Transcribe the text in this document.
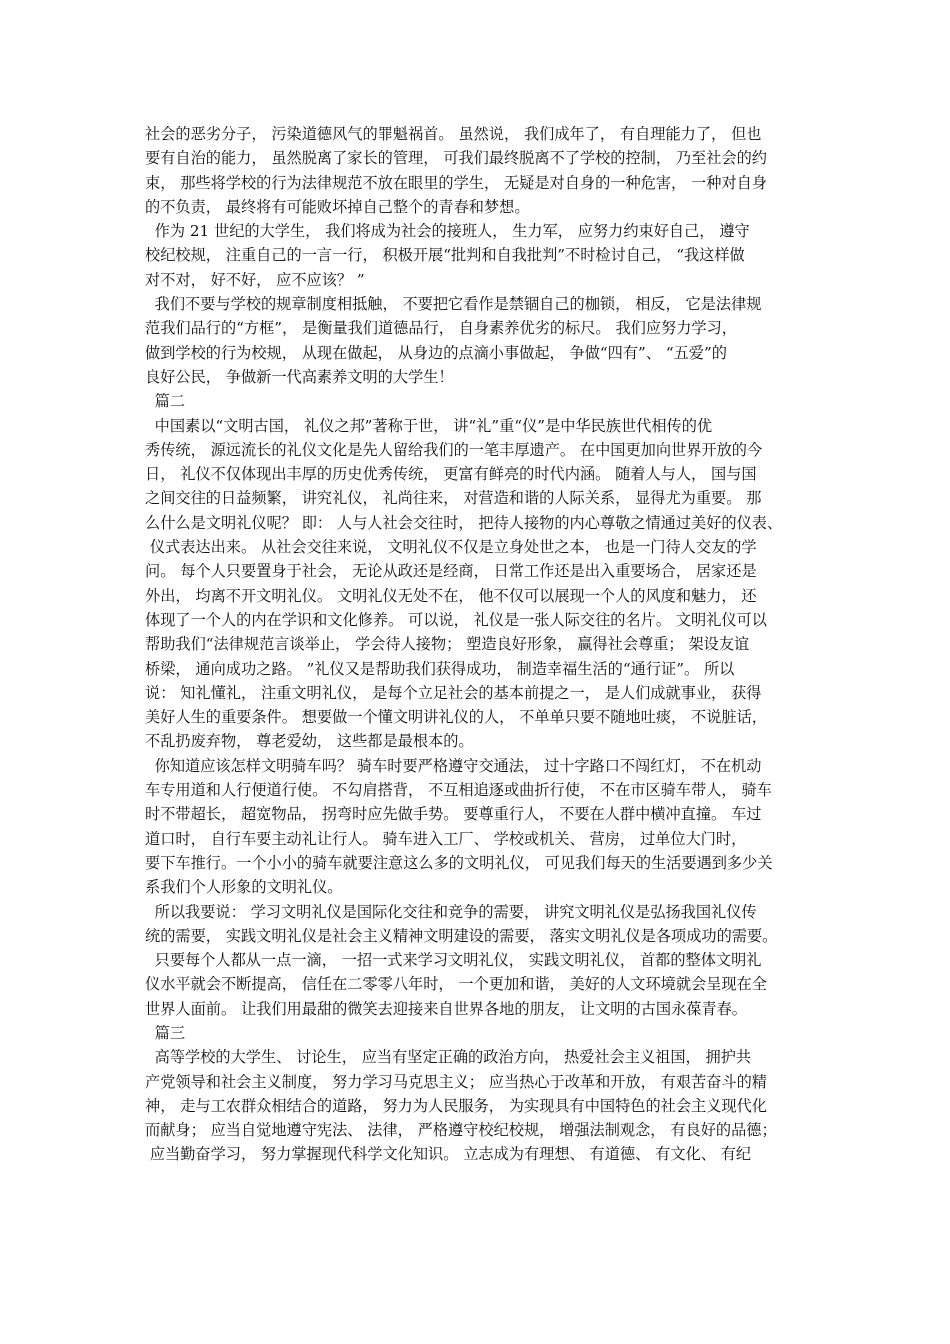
社会的恶劣分子， 污染道德风气的罪魁祸首。 虽然说， 我们成年了， 有自理能力了， 但也
要有自治的能力， 虽然脱离了家长的管理， 可我们最终脱离不了学校的控制， 乃至社会的约
束， 那些将学校的行为法律规范不放在眼里的学生， 无疑是对自身的一种危害， 一种对自身
的不负责， 最终将有可能败坏掉自己整个的青春和梦想。
作为 21 世纪的大学生， 我们将成为社会的接班人， 生力军， 应努力约束好自己， 遵守
校纪校规， 注重自己的一言一行， 积极开展“批判和自我批判”不时检讨自己， “我这样做
对不对， 好不好， 应不应该？ ”
我们不要与学校的规章制度相抵触， 不要把它看作是禁锢自己的枷锁， 相反， 它是法律规
范我们品行的“方框”， 是衡量我们道德品行， 自身素养优劣的标尺。 我们应努力学习，
做到学校的行为校规， 从现在做起， 从身边的点滴小事做起， 争做“四有”、 “五爱”的
良好公民， 争做新一代高素养文明的大学生！
篇二
中国素以“文明古国， 礼仪之邦”著称于世， 讲“礼”重“仪”是中华民族世代相传的优
秀传统， 源远流长的礼仪文化是先人留给我们的一笔丰厚遗产。 在中国更加向世界开放的今
日， 礼仪不仅体现出丰厚的历史优秀传统， 更富有鲜亮的时代内涵。 随着人与人， 国与国
之间交往的日益频繁， 讲究礼仪， 礼尚往来， 对营造和谐的人际关系， 显得尤为重要。 那
么什么是文明礼仪呢？ 即： 人与人社会交往时， 把待人接物的内心尊敬之情通过美好的仪表、
仪式表达出来。 从社会交往来说， 文明礼仪不仅是立身处世之本， 也是一门待人交友的学
问。 每个人只要置身于社会， 无论从政还是经商， 日常工作还是出入重要场合， 居家还是
外出， 均离不开文明礼仪。 文明礼仪无处不在， 他不仅可以展现一个人的风度和魅力， 还
体现了一个人的内在学识和文化修养。 可以说， 礼仪是一张人际交往的名片。 文明礼仪可以
帮助我们“法律规范言谈举止， 学会待人接物； 塑造良好形象， 赢得社会尊重； 架设友谊
桥梁， 通向成功之路。 ”礼仪又是帮助我们获得成功， 制造幸福生活的“通行证”。 所以
说： 知礼懂礼， 注重文明礼仪， 是每个立足社会的基本前提之一， 是人们成就事业， 获得
美好人生的重要条件。 想要做一个懂文明讲礼仪的人， 不单单只要不随地吐痰， 不说脏话，
不乱扔废弃物， 尊老爱幼， 这些都是最根本的。
你知道应该怎样文明骑车吗？ 骑车时要严格遵守交通法， 过十字路口不闯红灯， 不在机动
车专用道和人行便道行使。 不勾肩搭背， 不互相追逐或曲折行使， 不在市区骑车带人， 骑车
时不带超长， 超宽物品， 拐弯时应先做手势。 要尊重行人， 不要在人群中横冲直撞。 车过
道口时， 自行车要主动礼让行人。 骑车进入工厂、 学校或机关、 营房， 过单位大门时，
要下车推行。一个小小的骑车就要注意这么多的文明礼仪， 可见我们每天的生活要遇到多少关
系我们个人形象的文明礼仪。
所以我要说： 学习文明礼仪是国际化交往和竞争的需要， 讲究文明礼仪是弘扬我国礼仪传
统的需要， 实践文明礼仪是社会主义精神文明建设的需要， 落实文明礼仪是各项成功的需要。
只要每个人都从一点一滴， 一招一式来学习文明礼仪， 实践文明礼仪， 首都的整体文明礼
仪水平就会不断提高， 信任在二零零八年时， 一个更加和谐， 美好的人文环境就会呈现在全
世界人面前。 让我们用最甜的微笑去迎接来自世界各地的朋友， 让文明的古国永葆青春。
篇三
高等学校的大学生、 讨论生， 应当有坚定正确的政治方向， 热爱社会主义祖国， 拥护共
产党领导和社会主义制度， 努力学习马克思主义； 应当热心于改革和开放， 有艰苦奋斗的精
神， 走与工农群众相结合的道路， 努力为人民服务， 为实现具有中国特色的社会主义现代化
而献身； 应当自觉地遵守宪法、 法律， 严格遵守校纪校规， 增强法制观念， 有良好的品德；
应当勤奋学习， 努力掌握现代科学文化知识。 立志成为有理想、 有道德、 有文化、 有纪
